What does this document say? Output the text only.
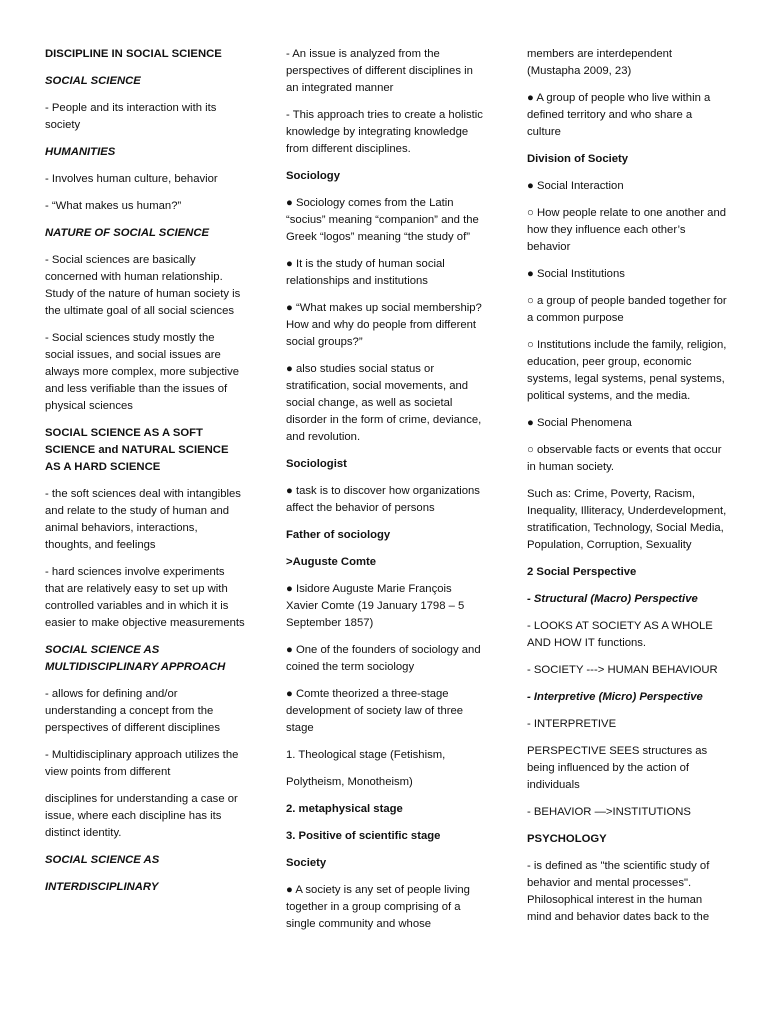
DISCIPLINE IN SOCIAL SCIENCE

SOCIAL SCIENCE

- People and its interaction with its society

HUMANITIES

- Involves human culture, behavior

- “What makes us human?”

NATURE OF SOCIAL SCIENCE

- Social sciences are basically concerned with human relationship. Study of the nature of human society is the ultimate goal of all social sciences

- Social sciences study mostly the social issues, and social issues are always more complex, more subjective and less verifiable than the issues of physical sciences

SOCIAL SCIENCE AS A SOFT SCIENCE and NATURAL SCIENCE AS A HARD SCIENCE

- the soft sciences deal with intangibles and relate to the study of human and animal behaviors, interactions, thoughts, and feelings

- hard sciences involve experiments that are relatively easy to set up with controlled variables and in which it is easier to make objective measurements

SOCIAL SCIENCE AS MULTIDISCIPLINARY APPROACH

- allows for defining and/or understanding a concept from the perspectives of different disciplines

- Multidisciplinary approach utilizes the view points from different

disciplines for understanding a case or issue, where each discipline has its distinct identity.

SOCIAL SCIENCE AS

INTERDISCIPLINARY

- An issue is analyzed from the perspectives of different disciplines in an integrated manner

- This approach tries to create a holistic knowledge by integrating knowledge from different disciplines.

Sociology

● Sociology comes from the Latin “socius” meaning “companion” and the Greek “logos” meaning “the study of”

● It is the study of human social relationships and institutions

● “What makes up social membership? How and why do people from different social groups?”

● also studies social status or stratification, social movements, and social change, as well as societal disorder in the form of crime, deviance, and revolution.

Sociologist

● task is to discover how organizations affect the behavior of persons

Father of sociology

>Auguste Comte

● Isidore Auguste Marie François Xavier Comte (19 January 1798 – 5 September 1857)

● One of the founders of sociology and coined the term sociology

● Comte theorized a three-stage development of society law of three stage

1. Theological stage (Fetishism,

Polytheism, Monotheism)

2. metaphysical stage

3. Positive of scientific stage

Society

● A society is any set of people living together in a group comprising of a single community and whose

members are interdependent (Mustapha 2009, 23)

● A group of people who live within a defined territory and who share a culture

Division of Society

● Social Interaction

○ How people relate to one another and how they influence each other’s behavior

● Social Institutions

○ a group of people banded together for a common purpose

○ Institutions include the family, religion, education, peer group, economic systems, legal systems, penal systems, political systems, and the media.

● Social Phenomena

○ observable facts or events that occur in human society.

Such as: Crime, Poverty, Racism, Inequality, Illiteracy, Underdevelopment, stratification, Technology, Social Media, Population, Corruption, Sexuality

2 Social Perspective

- Structural (Macro) Perspective

- LOOKS AT SOCIETY AS A WHOLE AND HOW IT functions.

- SOCIETY ---> HUMAN BEHAVIOUR

- Interpretive (Micro) Perspective

- INTERPRETIVE

PERSPECTIVE SEES structures as being influenced by the action of individuals

- BEHAVIOR —>INSTITUTIONS

PSYCHOLOGY

- is defined as "the scientific study of behavior and mental processes". Philosophical interest in the human mind and behavior dates back to the
